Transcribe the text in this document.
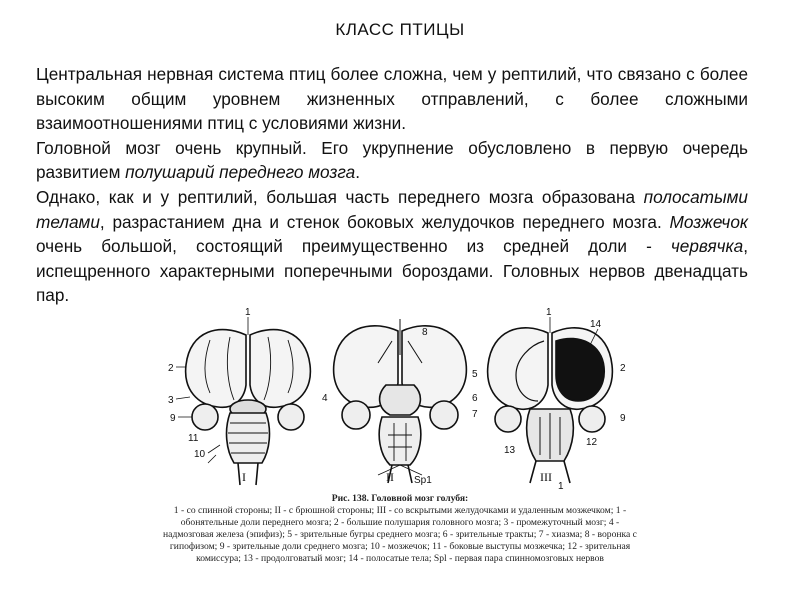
КЛАСС ПТИЦЫ

Центральная нервная система птиц более сложна, чем у рептилий, что связано с более высоким общим уровнем жизненных отправлений, с более сложными взаимоотношениями птиц с условиями жизни.

Головной мозг очень крупный. Его укрупнение обусловлено в первую очередь развитием полушарий переднего мозга.

Однако, как и у рептилий, большая часть переднего мозга образована полосатыми телами, разрастанием дна и стенок боковых желудочков переднего мозга. Мозжечок очень большой, состоящий преимущественно из средней доли - червячка, испещренного характерными поперечными бороздами. Головных нервов двенадцать пар.

1
2
3
9
11
10
I
8
4
5
6
7
Sp1
II
1
14
2
9
13
12
1
III
Рис. 138. Головной мозг голубя:
1 - со спинной стороны; II - с брюшной стороны; III - со вскрытыми желудочками и удаленным мозжечком; 1 - обонятельные доли переднего мозга; 2 - большие полушария головного мозга; 3 - промежуточный мозг; 4 - надмозговая железа (эпифиз); 5 - зрительные бугры среднего мозга; 6 - зрительные тракты; 7 - хиазма; 8 - воронка с гипофизом; 9 - зрительные доли среднего мозга; 10 - мозжечок; 11 - боковые выступы мозжечка; 12 - зрительная комиссура; 13 - продолговатый мозг; 14 - полосатые тела; Spl - первая пара спинномозговых нервов
